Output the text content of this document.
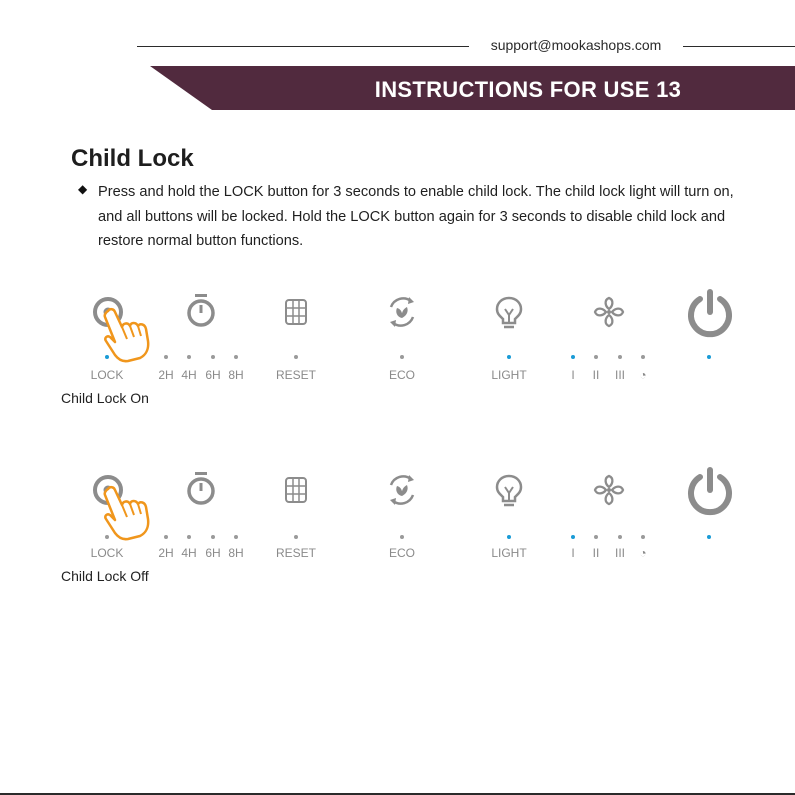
support@mookashops.com
INSTRUCTIONS FOR USE 13
Child Lock
◆ Press and hold the LOCK button for 3 seconds to enable child lock. The child lock light will turn on, and all buttons will be locked. Hold the LOCK button again for 3 seconds to disable child lock and restore normal button functions.
LOCK	2H 4H 6H 8H	RESET	ECO	LIGHT	I	II	III	◔
Child Lock On
LOCK	2H 4H 6H 8H	RESET	ECO	LIGHT	I	II	III	◔
Child Lock Off
